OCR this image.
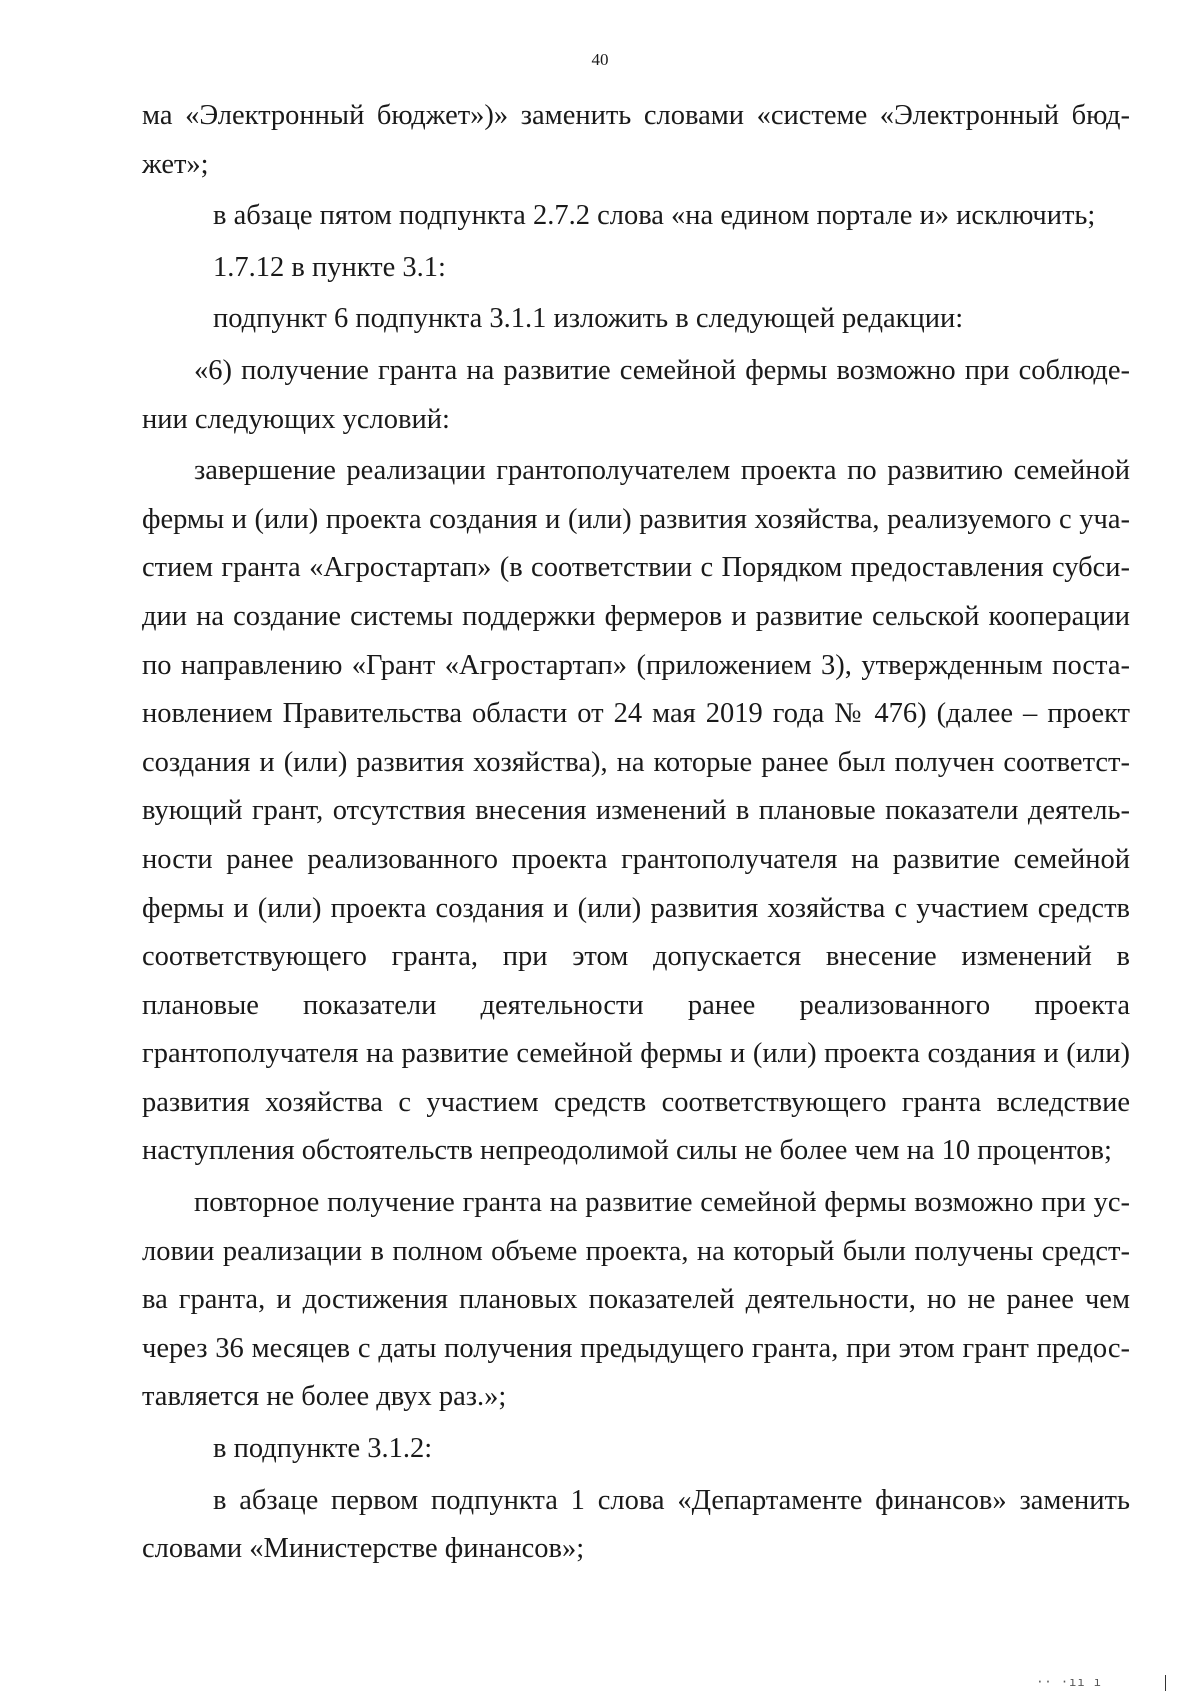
40

ма «Электронный бюджет»)» заменить словами «системе «Электронный бюджет»;

в абзаце пятом подпункта 2.7.2 слова «на едином портале и» исключить;

1.7.12 в пункте 3.1:

подпункт 6 подпункта 3.1.1 изложить в следующей редакции:

«6) получение гранта на развитие семейной фермы возможно при соблюдении следующих условий:

завершение реализации грантополучателем проекта по развитию семейной фермы и (или) проекта создания и (или) развития хозяйства, реализуемого с участием гранта «Агростартап» (в соответствии с Порядком предоставления субсидии на создание системы поддержки фермеров и развитие сельской кооперации по направлению «Грант «Агростартап» (приложением 3), утвержденным постановлением Правительства области от 24 мая 2019 года № 476) (далее – проект создания и (или) развития хозяйства), на которые ранее был получен соответствующий грант, отсутствия внесения изменений в плановые показатели деятельности ранее реализованного проекта грантополучателя на развитие семейной фермы и (или) проекта создания и (или) развития хозяйства с участием средств соответствующего гранта, при этом допускается внесение изменений в плановые показатели деятельности ранее реализованного проекта грантополучателя на развитие семейной фермы и (или) проекта создания и (или) развития хозяйства с участием средств соответствующего гранта вследствие наступления обстоятельств непреодолимой силы не более чем на 10 процентов;

повторное получение гранта на развитие семейной фермы возможно при условии реализации в полном объеме проекта, на который были получены средства гранта, и достижения плановых показателей деятельности, но не ранее чем через 36 месяцев с даты получения предыдущего гранта, при этом грант предоставляется не более двух раз.»;

в подпункте 3.1.2:

в абзаце первом подпункта 1 слова «Департаменте финансов» заменить словами «Министерстве финансов»;

·· ·ıı ı
